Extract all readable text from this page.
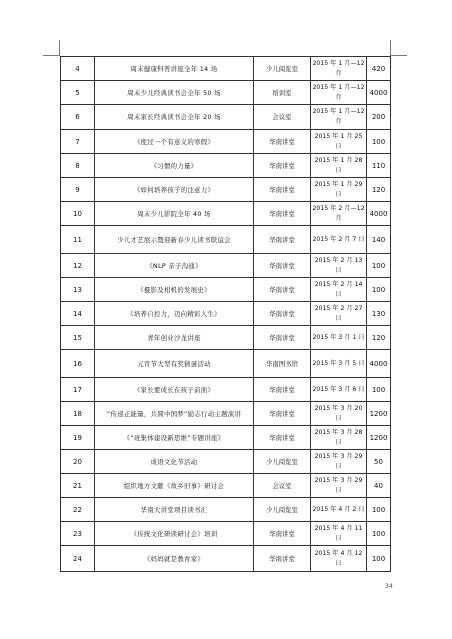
4	周末健康科普讲座全年 14 场	少儿阅览室	2015 年 1 月—12 月	420
5	周末少儿经典读书会全年 50 场	培训室	2015 年 1 月—12 月	4000
6	周末家长经典读书会全年 20 场	会议室	2015 年 1 月—12 月	200
7	《度过一个有意义的寒假》	华南讲堂	2015 年 1 月 25 日	100
8	《习惯的力量》	华南讲堂	2015 年 1 月 28 日	110
9	《如何培养孩子的注意力》	华南讲堂	2015 年 1 月 29 日	120
10	周末少儿影院全年 40 场	华南讲堂	2015 年 2 月—12 月	4000
11	少儿才艺展示暨迎新春少儿读书联谊会	华南讲堂	2015 年 2 月 7 日	140
12	《NLP 亲子沟通》	华南讲堂	2015 年 2 月 13 日	100
13	《摄影及相机的发展史》	华南讲堂	2015 年 2 月 14 日	100
14	《培养自控力，迈向精彩人生》	华南讲堂	2015 年 2 月 27 日	130
15	青年创业沙龙讲座	华南讲堂	2015 年 3 月 1 日	120
16	元宵节大型有奖猜谜活动	华南图书馆	2015 年 3 月 5 日	4000
17	《家长要成长在孩子前面》	华南讲堂	2015 年 3 月 6 日	100
18	“传递正能量，共圆中国梦”励志行动主题演讲	华南讲堂	2015 年 3 月 20 日	1200
19	《“班集体建设新思维”专题讲座》	华南讲堂	2015 年 3 月 28 日	1200
20	成语文化节活动	少儿阅览室	2015 年 3 月 29 日	50
21	组织地方文献《故乡旧事》研讨会	会议室	2015 年 3 月 29 日	40
22	华南大讲堂项目读书汇	少儿阅览室	2015 年 4 月 2 日	100
23	《传统文化研读研讨会》培训	华南讲堂	2015 年 4 月 11 日	100
24	《妈妈就是教育家》	华南讲堂	2015 年 4 月 12 日	100
34
